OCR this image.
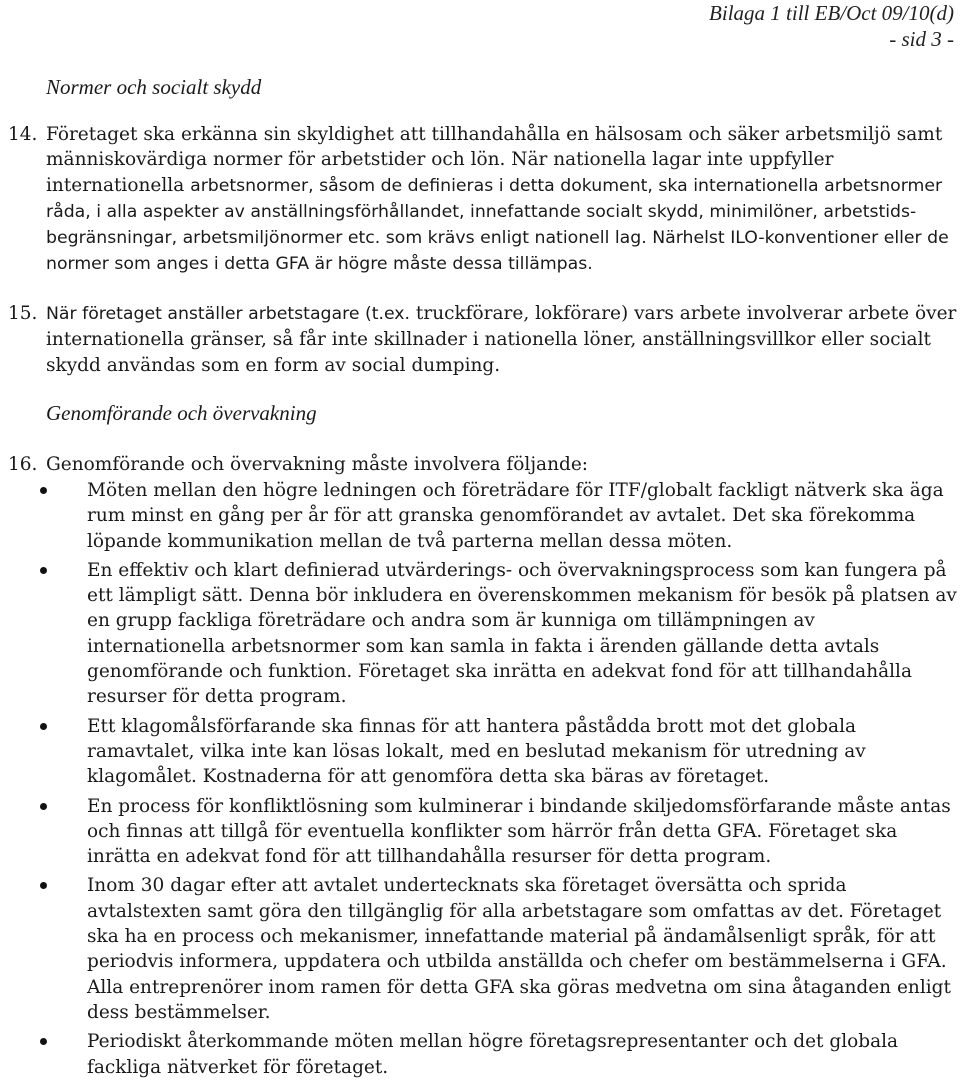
Bilaga 1 till EB/Oct 09/10(d)
- sid 3 -
Normer och socialt skydd
14. Företaget ska erkänna sin skyldighet att tillhandahålla en hälsosam och säker arbetsmiljö samt människovärdiga normer för arbetstider och lön. När nationella lagar inte uppfyller internationella arbetsnormer, såsom de definieras i detta dokument, ska internationella arbetsnormer råda, i alla aspekter av anställningsförhållandet, innefattande socialt skydd, minimilöner, arbetstids-begränsningar, arbetsmiljönormer etc. som krävs enligt nationell lag. Närhelst ILO-konventioner eller de normer som anges i detta GFA är högre måste dessa tillämpas.
15. När företaget anställer arbetstagare (t.ex. truckförare, lokförare) vars arbete involverar arbete över internationella gränser, så får inte skillnader i nationella löner, anställningsvillkor eller socialt skydd användas som en form av social dumping.
Genomförande och övervakning
16. Genomförande och övervakning måste involvera följande:
Möten mellan den högre ledningen och företrädare för ITF/globalt fackligt nätverk ska äga rum minst en gång per år för att granska genomförandet av avtalet. Det ska förekomma löpande kommunikation mellan de två parterna mellan dessa möten.
En effektiv och klart definierad utvärderings- och övervakningsprocess som kan fungera på ett lämpligt sätt. Denna bör inkludera en överenskommen mekanism för besök på platsen av en grupp fackliga företrädare och andra som är kunniga om tillämpningen av internationella arbetsnormer som kan samla in fakta i ärenden gällande detta avtals genomförande och funktion. Företaget ska inrätta en adekvat fond för att tillhandahålla resurser för detta program.
Ett klagomålsförfarande ska finnas för att hantera påstådda brott mot det globala ramavtalet, vilka inte kan lösas lokalt, med en beslutad mekanism för utredning av klagomålet. Kostnaderna för att genomföra detta ska bäras av företaget.
En process för konfliktlösning som kulminerar i bindande skiljedomsförfarande måste antas och finnas att tillgå för eventuella konflikter som härrör från detta GFA. Företaget ska inrätta en adekvat fond för att tillhandahålla resurser för detta program.
Inom 30 dagar efter att avtalet undertecknats ska företaget översätta och sprida avtalstexten samt göra den tillgänglig för alla arbetstagare som omfattas av det. Företaget ska ha en process och mekanismer, innefattande material på ändamålsenligt språk, för att periodvis informera, uppdatera och utbilda anställda och chefer om bestämmelserna i GFA. Alla entreprenörer inom ramen för detta GFA ska göras medvetna om sina åtaganden enligt dess bestämmelser.
Periodiskt återkommande möten mellan högre företagsrepresentanter och det globala fackliga nätverket för företaget.
